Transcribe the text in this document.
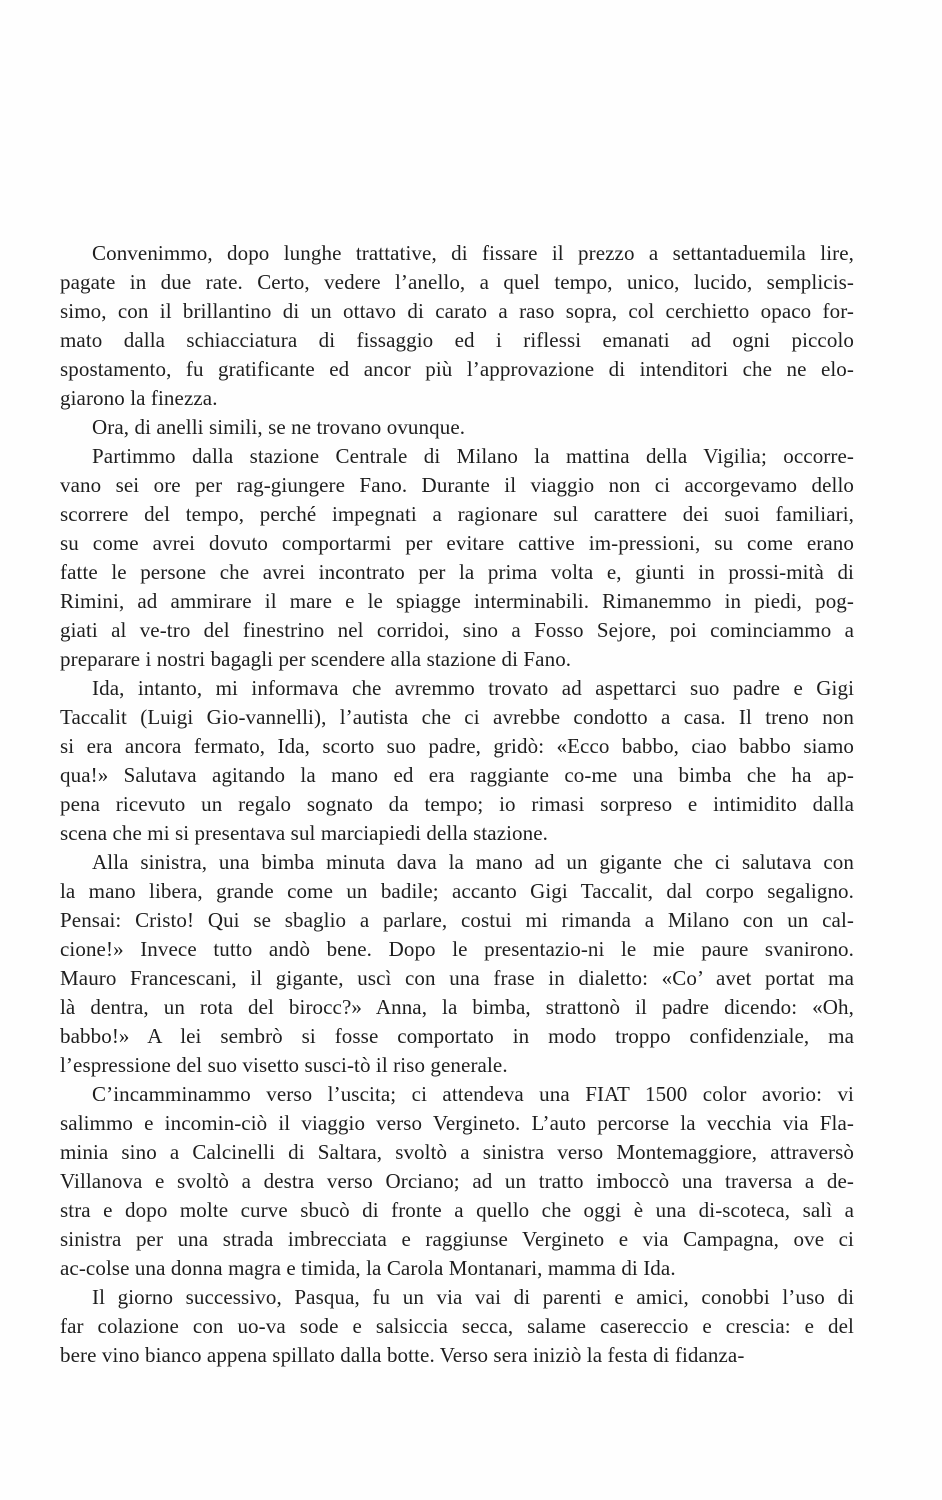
Convenimmo, dopo lunghe trattative, di fissare il prezzo a settantaduemila lire,
pagate in due rate. Certo, vedere l’anello, a quel tempo, unico, lucido, semplicis-
simo, con il brillantino di un ottavo di carato a raso sopra, col cerchietto opaco for-
mato dalla schiacciatura di fissaggio ed i riflessi emanati ad ogni piccolo
spostamento, fu gratificante ed ancor più l’approvazione di intenditori che ne elo-
giarono la finezza.
Ora, di anelli simili, se ne trovano ovunque.
Partimmo dalla stazione Centrale di Milano la mattina della Vigilia; occorre-
vano sei ore per rag-giungere Fano. Durante il viaggio non ci accorgevamo dello
scorrere del tempo, perché impegnati a ragionare sul carattere dei suoi familiari,
su come avrei dovuto comportarmi per evitare cattive im-pressioni, su come erano
fatte le persone che avrei incontrato per la prima volta e, giunti in prossi-mità di
Rimini, ad ammirare il mare e le spiagge interminabili. Rimanemmo in piedi, pog-
giati al ve-tro del finestrino nel corridoi, sino a Fosso Sejore, poi cominciammo a
preparare i nostri bagagli per scendere alla stazione di Fano.
Ida, intanto, mi informava che avremmo trovato ad aspettarci suo padre e Gigi
Taccalit (Luigi Gio-vannelli), l’autista che ci avrebbe condotto a casa. Il treno non
si era ancora fermato, Ida, scorto suo padre, gridò: «Ecco babbo, ciao babbo siamo
qua!» Salutava agitando la mano ed era raggiante co-me una bimba che ha ap-
pena ricevuto un regalo sognato da tempo; io rimasi sorpreso e intimidito dalla
scena che mi si presentava sul marciapiedi della stazione.
Alla sinistra, una bimba minuta dava la mano ad un gigante che ci salutava con
la mano libera, grande come un badile; accanto Gigi Taccalit, dal corpo segaligno.
Pensai: Cristo! Qui se sbaglio a parlare, costui mi rimanda a Milano con un cal-
cione!» Invece tutto andò bene. Dopo le presentazio-ni le mie paure svanirono.
Mauro Francescani, il gigante, uscì con una frase in dialetto: «Co’ avet portat ma
là dentra, un rota del birocc?» Anna, la bimba, strattonò il padre dicendo: «Oh,
babbo!» A lei sembrò si fosse comportato in modo troppo confidenziale, ma
l’espressione del suo visetto susci-tò il riso generale.
C’incamminammo verso l’uscita; ci attendeva una FIAT 1500 color avorio: vi
salimmo e incomin-ciò il viaggio verso Vergineto. L’auto percorse la vecchia via Fla-
minia sino a Calcinelli di Saltara, svoltò a sinistra verso Montemaggiore, attraversò
Villanova e svoltò a destra verso Orciano; ad un tratto imboccò una traversa a de-
stra e dopo molte curve sbucò di fronte a quello che oggi è una di-scoteca, salì a
sinistra per una strada imbrecciata e raggiunse Vergineto e via Campagna, ove ci
ac-colse una donna magra e timida, la Carola Montanari, mamma di Ida.
Il giorno successivo, Pasqua, fu un via vai di parenti e amici, conobbi l’uso di
far colazione con uo-va sode e salsiccia secca, salame casereccio e crescia: e del
bere vino bianco appena spillato dalla botte. Verso sera iniziò la festa di fidanza-
